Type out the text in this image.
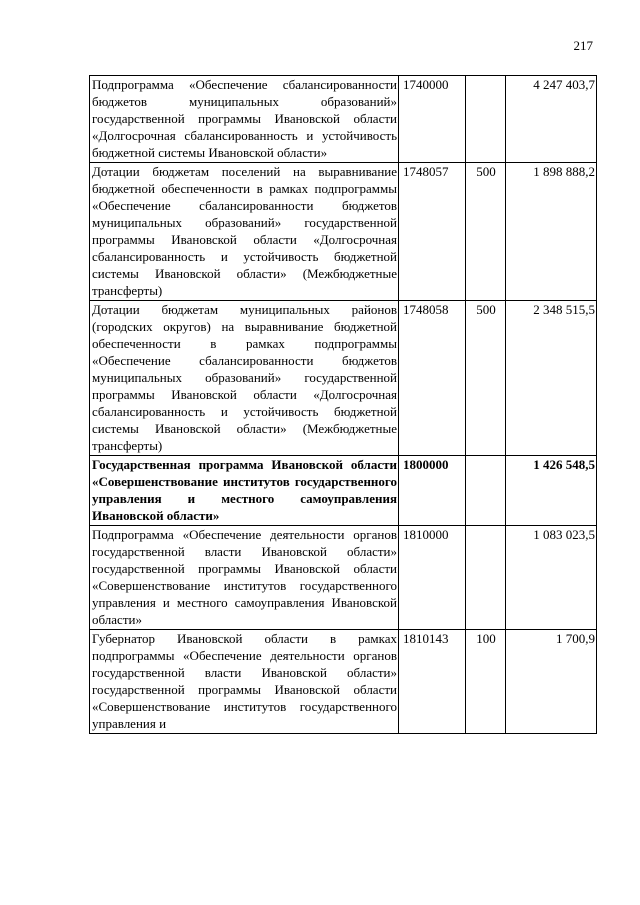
217
Подпрограмма «Обеспечение сбалансированности бюджетов муниципальных образований» государственной программы Ивановской области «Долгосрочная сбалансированность и устойчивость бюджетной системы Ивановской области»	1740000		4 247 403,7
Дотации бюджетам поселений на выравнивание бюджетной обеспеченности в рамках подпрограммы «Обеспечение сбалансированности бюджетов муниципальных образований» государственной программы Ивановской области «Долгосрочная сбалансированность и устойчивость бюджетной системы Ивановской области» (Межбюджетные трансферты)	1748057	500	1 898 888,2
Дотации бюджетам муниципальных районов (городских округов) на выравнивание бюджетной обеспеченности в рамках подпрограммы «Обеспечение сбалансированности бюджетов муниципальных образований» государственной программы Ивановской области «Долгосрочная сбалансированность и устойчивость бюджетной системы Ивановской области» (Межбюджетные трансферты)	1748058	500	2 348 515,5
Государственная программа Ивановской области «Совершенствование институтов государственного управления и местного самоуправления Ивановской области»	1800000		1 426 548,5
Подпрограмма «Обеспечение деятельности органов государственной власти Ивановской области» государственной программы Ивановской области «Совершенствование институтов государственного управления и местного самоуправления Ивановской области»	1810000		1 083 023,5
Губернатор Ивановской области в рамках подпрограммы «Обеспечение деятельности органов государственной власти Ивановской области» государственной программы Ивановской области «Совершенствование институтов государственного управления и	1810143	100	1 700,9
